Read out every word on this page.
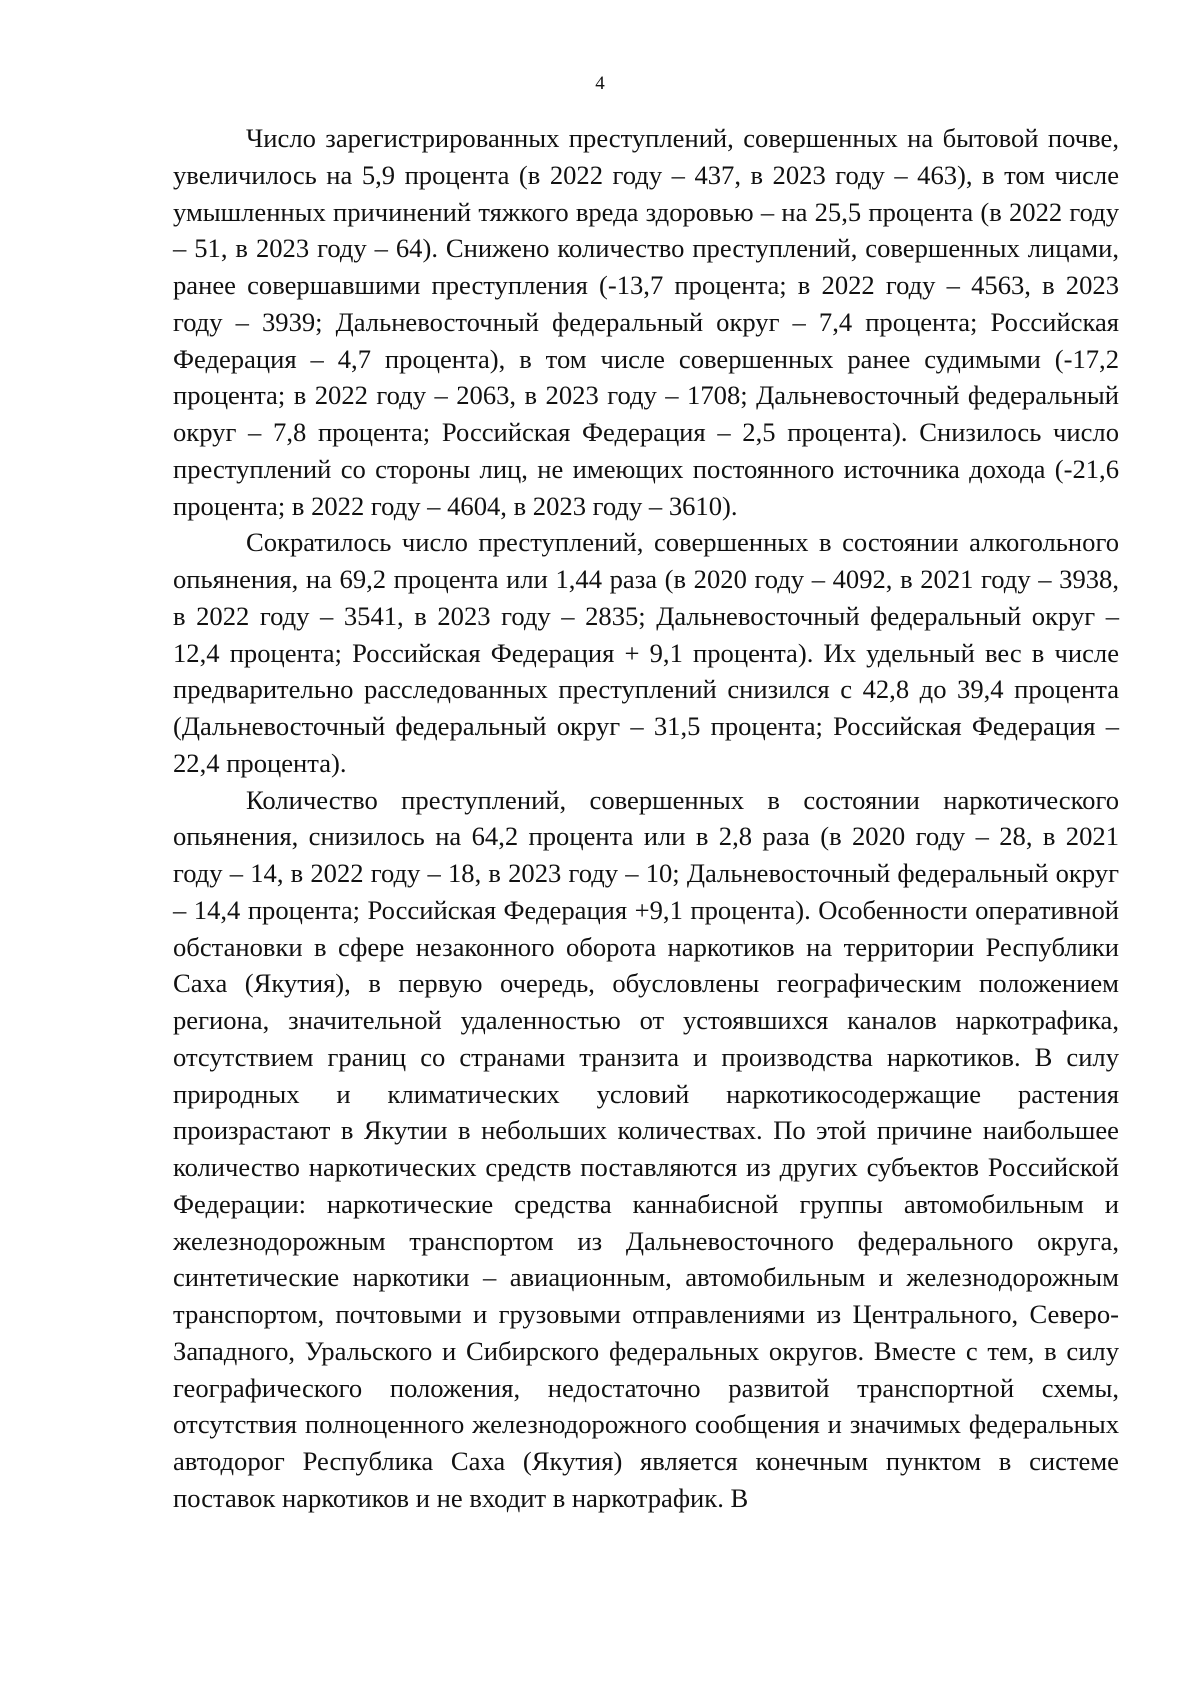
4

Число зарегистрированных преступлений, совершенных на бытовой почве, увеличилось на 5,9 процента (в 2022 году – 437, в 2023 году – 463), в том числе умышленных причинений тяжкого вреда здоровью – на 25,5 процента (в 2022 году – 51, в 2023 году – 64). Снижено количество преступлений, совершенных лицами, ранее совершавшими преступления (-13,7 процента; в 2022 году – 4563, в 2023 году – 3939; Дальневосточный федеральный округ – 7,4 процента; Российская Федерация – 4,7 процента), в том числе совершенных ранее судимыми (-17,2 процента; в 2022 году – 2063, в 2023 году – 1708; Дальневосточный федеральный округ – 7,8 процента; Российская Федерация – 2,5 процента). Снизилось число преступлений со стороны лиц, не имеющих постоянного источника дохода (-21,6 процента; в 2022 году – 4604, в 2023 году – 3610).

Сократилось число преступлений, совершенных в состоянии алкогольного опьянения, на 69,2 процента или 1,44 раза (в 2020 году – 4092, в 2021 году – 3938, в 2022 году – 3541, в 2023 году – 2835; Дальневосточный федеральный округ – 12,4 процента; Российская Федерация + 9,1 процента). Их удельный вес в числе предварительно расследованных преступлений снизился с 42,8 до 39,4 процента (Дальневосточный федеральный округ – 31,5 процента; Российская Федерация – 22,4 процента).

Количество преступлений, совершенных в состоянии наркотического опьянения, снизилось на 64,2 процента или в 2,8 раза (в 2020 году – 28, в 2021 году – 14, в 2022 году – 18, в 2023 году – 10; Дальневосточный федеральный округ – 14,4 процента; Российская Федерация +9,1 процента). Особенности оперативной обстановки в сфере незаконного оборота наркотиков на территории Республики Саха (Якутия), в первую очередь, обусловлены географическим положением региона, значительной удаленностью от устоявшихся каналов наркотрафика, отсутствием границ со странами транзита и производства наркотиков. В силу природных и климатических условий наркотикосодержащие растения произрастают в Якутии в небольших количествах. По этой причине наибольшее количество наркотических средств поставляются из других субъектов Российской Федерации: наркотические средства каннабисной группы автомобильным и железнодорожным транспортом из Дальневосточного федерального округа, синтетические наркотики – авиационным, автомобильным и железнодорожным транспортом, почтовыми и грузовыми отправлениями из Центрального, Северо-Западного, Уральского и Сибирского федеральных округов. Вместе с тем, в силу географического положения, недостаточно развитой транспортной схемы, отсутствия полноценного железнодорожного сообщения и значимых федеральных автодорог Республика Саха (Якутия) является конечным пунктом в системе поставок наркотиков и не входит в наркотрафик. В
